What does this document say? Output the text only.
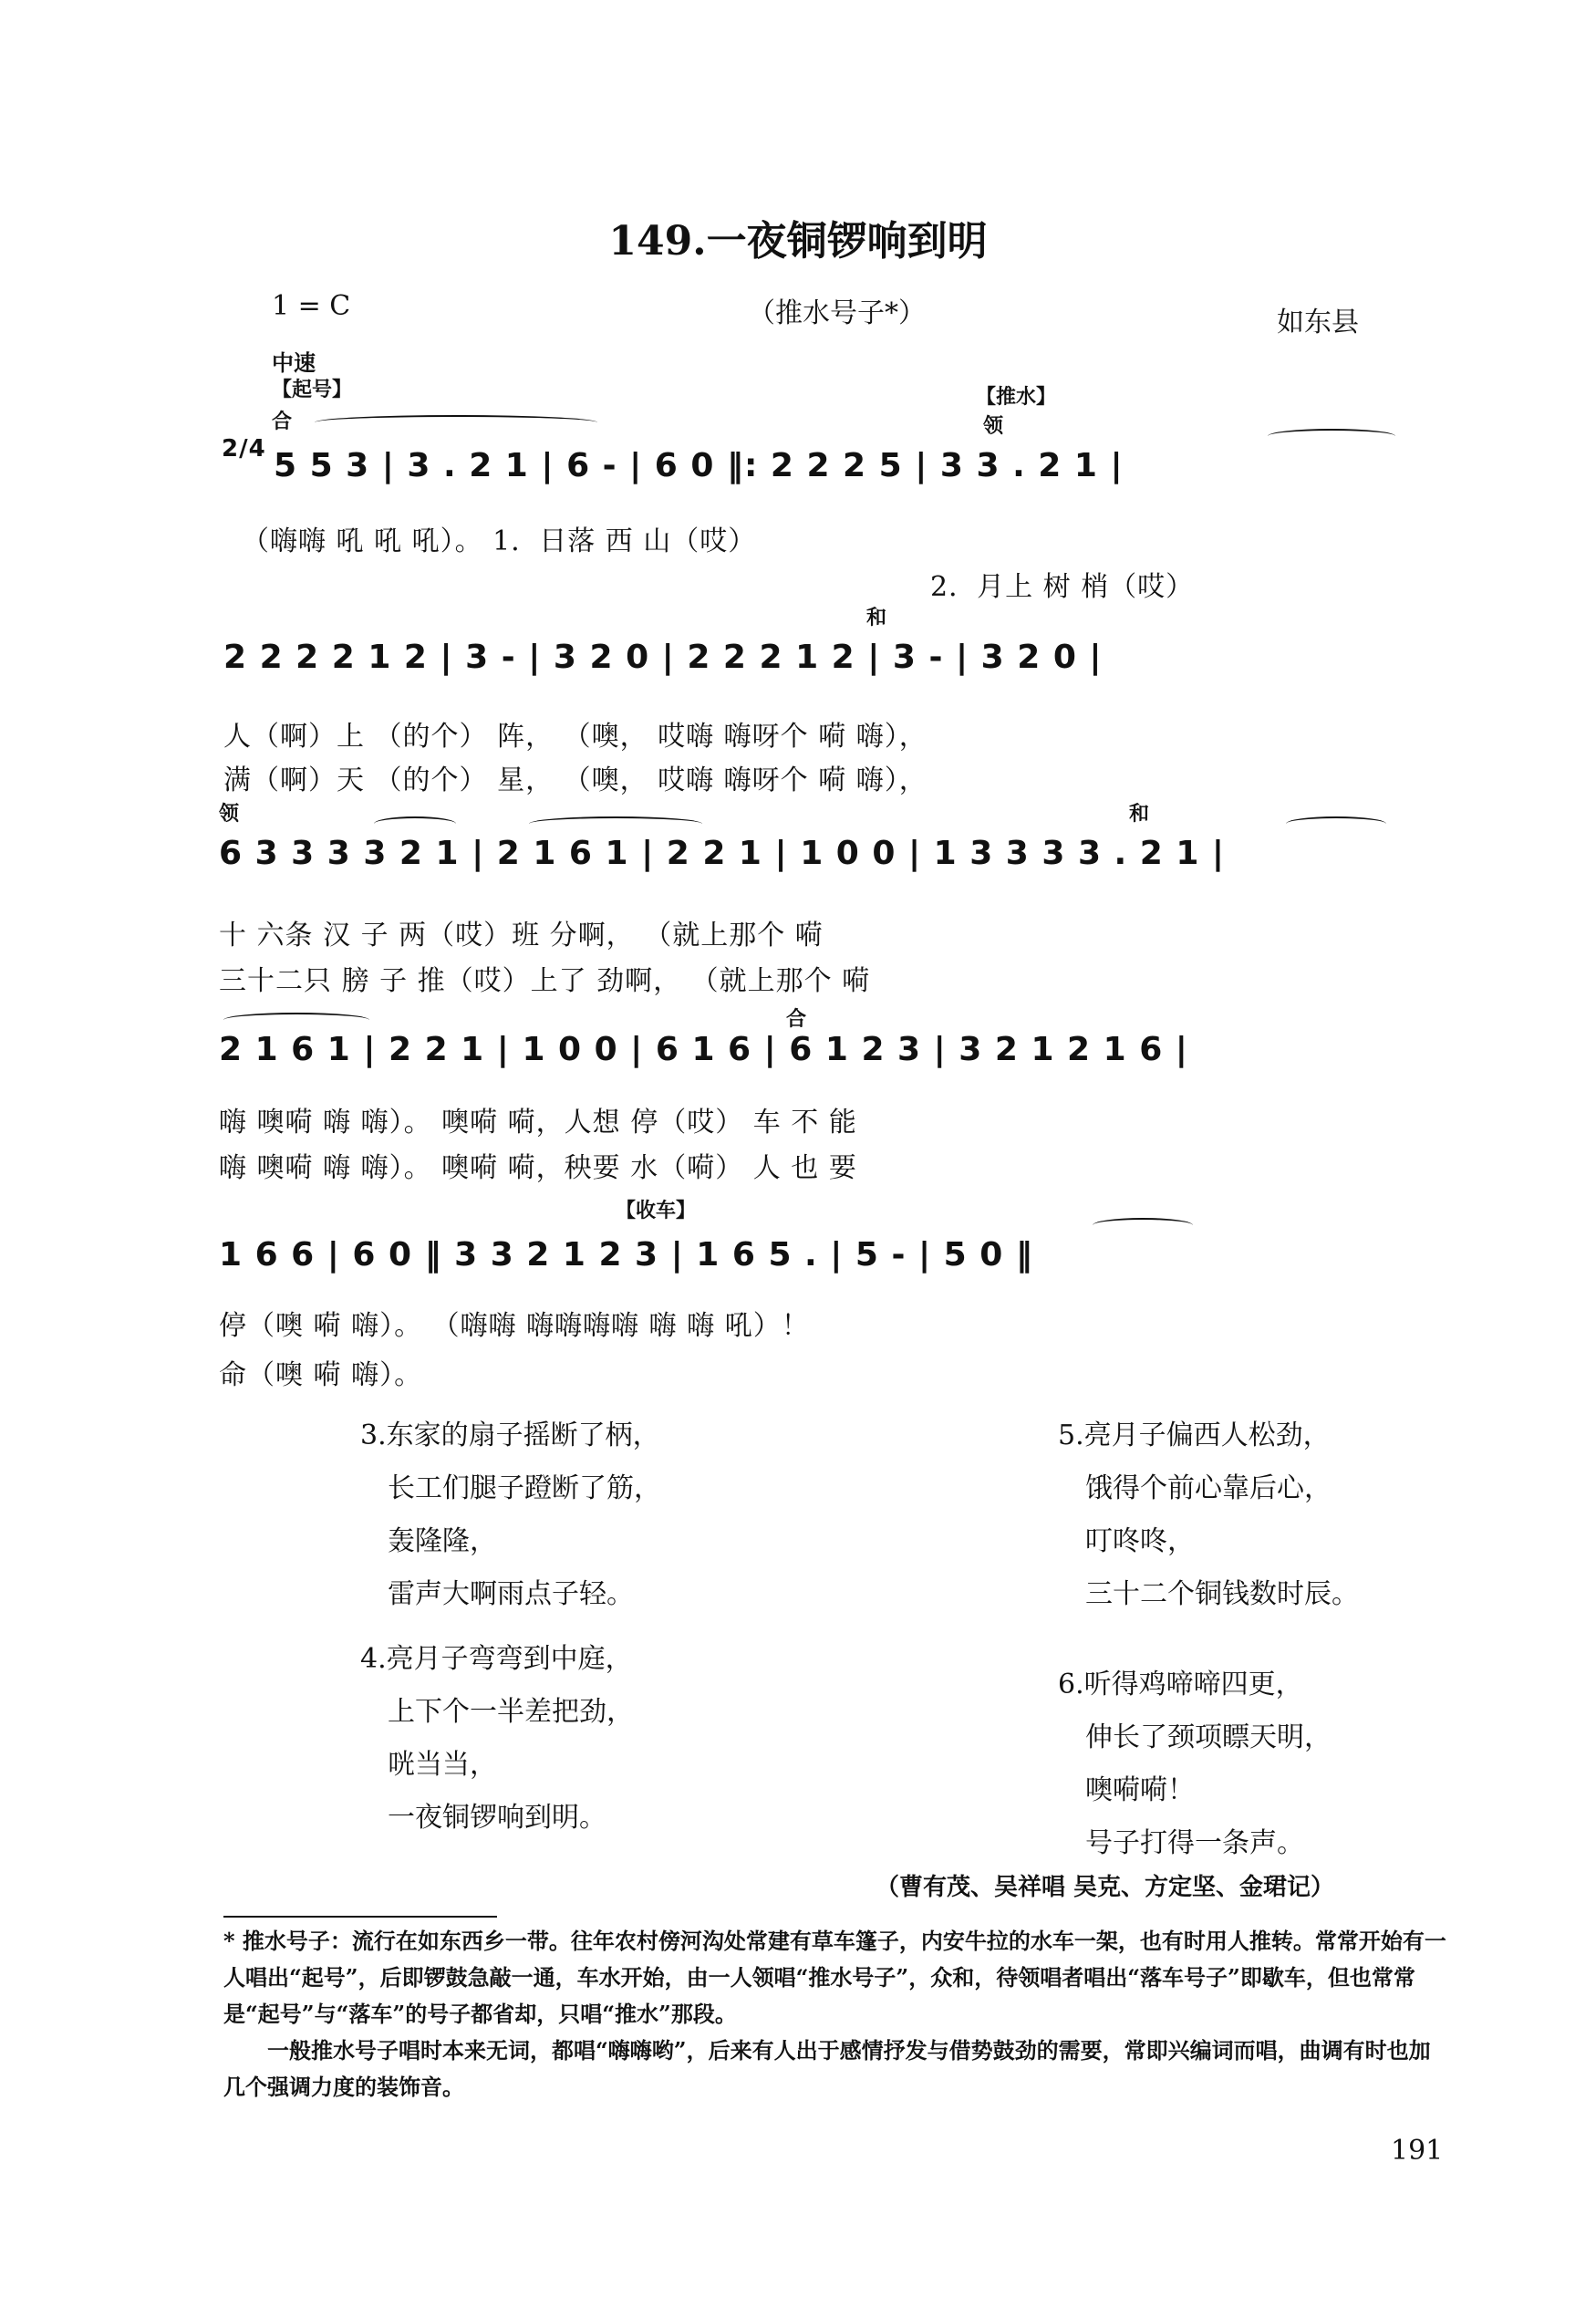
149.一夜铜锣响到明
1 = C	（推水号子*）	如东县
中速
【起号】
合
【推水】
领
和
领	和
合
【收车】
2/4 5 5 3 | 3 . 2 1 | 6 - | 6 0 ‖: 2 2 2 5 | 3 3 . 2 1 |
2 2 2 2 1 2 | 3 - | 3 2 0 | 2 2 2 1 2 | 3 - | 3 2 0 |
6 3 3 3 3 2 1 | 2 1 6 1 | 2 2 1 | 1 0 0 | 1 3 3 3 3 . 2 1 |
2 1 6 1 | 2 2 1 | 1 0 0 | 6 1 6 | 6 1 2 3 | 3 2 1 2 1 6 |
1 6 6 | 6 0 ‖ 3 3 2 1 2 3 | 1 6 5 . | 5 - | 5 0 ‖
（嗨嗨 吼 吼 吼）。 1．日落 西 山（哎）
2．月上 树 梢（哎）
人（啊）上 （的个） 阵， （噢， 哎嗨 嗨呀个 嗬 嗨），
满（啊）天 （的个） 星， （噢， 哎嗨 嗨呀个 嗬 嗨），
十 六条 汉 子 两（哎）班 分啊， （就上那个 嗬
三十二只 膀 子 推（哎）上了 劲啊， （就上那个 嗬
嗨 噢嗬 嗨 嗨）。 噢嗬 嗬，人想 停（哎） 车 不 能
嗨 噢嗬 嗨 嗨）。 噢嗬 嗬，秧要 水（嗬） 人 也 要
停（噢 嗬 嗨）。 （嗨嗨 嗨嗨嗨嗨 嗨 嗨 吼）！
命（噢 嗬 嗨）。
3.东家的扇子摇断了柄，
长工们腿子蹬断了筋，
轰隆隆，
雷声大啊雨点子轻。
4.亮月子弯弯到中庭，
上下个一半差把劲，
咣当当，
一夜铜锣响到明。
5.亮月子偏西人松劲，
饿得个前心靠后心，
叮咚咚，
三十二个铜钱数时辰。
6.听得鸡啼啼四更，
伸长了颈项瞟天明，
噢嗬嗬！
号子打得一条声。
（曹有茂、吴祥唱 吴克、方定坚、金珺记）
* 推水号子：流行在如东西乡一带。往年农村傍河沟处常建有草车篷子，内安牛拉的水车一架，也有时用人推转。常常开始有一人唱出“起号”，后即锣鼓急敲一通，车水开始，由一人领唱“推水号子”，众和，待领唱者唱出“落车号子”即歇车，但也常常是“起号”与“落车”的号子都省却，只唱“推水”那段。
一般推水号子唱时本来无词，都唱“嗨嗨哟”，后来有人出于感情抒发与借势鼓劲的需要，常即兴编词而唱，曲调有时也加几个强调力度的装饰音。
191
